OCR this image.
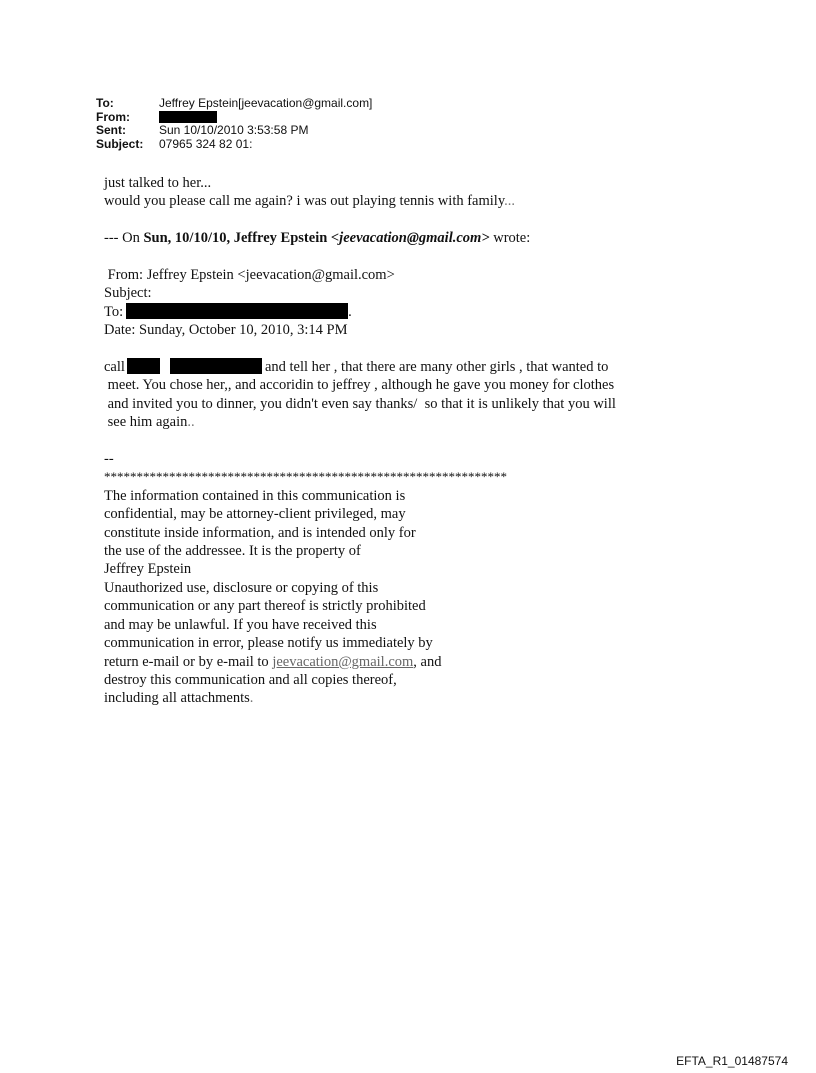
To:	Jeffrey Epstein[jeevacation@gmail.com]
From:
Sent:	Sun 10/10/2010 3:53:58 PM
Subject:	07965 324 82 01:
just talked to her...
would you please call me again? i was out playing tennis with family...
--- On Sun, 10/10/10, Jeffrey Epstein <jeevacation@gmail.com> wrote:
From: Jeffrey Epstein <jeevacation@gmail.com>
Subject:
To:	.
Date: Sunday, October 10, 2010, 3:14 PM
call	and tell her , that there are many other girls , that wanted to
meet. You chose her,, and accoridin to jeffrey , although he gave you money for clothes
and invited you to dinner, you didn't even say thanks/  so that it is unlikely that you will
see him again..
--
**************************************************************
The information contained in this communication is
confidential, may be attorney-client privileged, may
constitute inside information, and is intended only for
the use of the addressee. It is the property of
Jeffrey Epstein
Unauthorized use, disclosure or copying of this
communication or any part thereof is strictly prohibited
and may be unlawful. If you have received this
communication in error, please notify us immediately by
return e-mail or by e-mail to jeevacation@gmail.com, and
destroy this communication and all copies thereof,
including all attachments.
EFTA_R1_01487574
